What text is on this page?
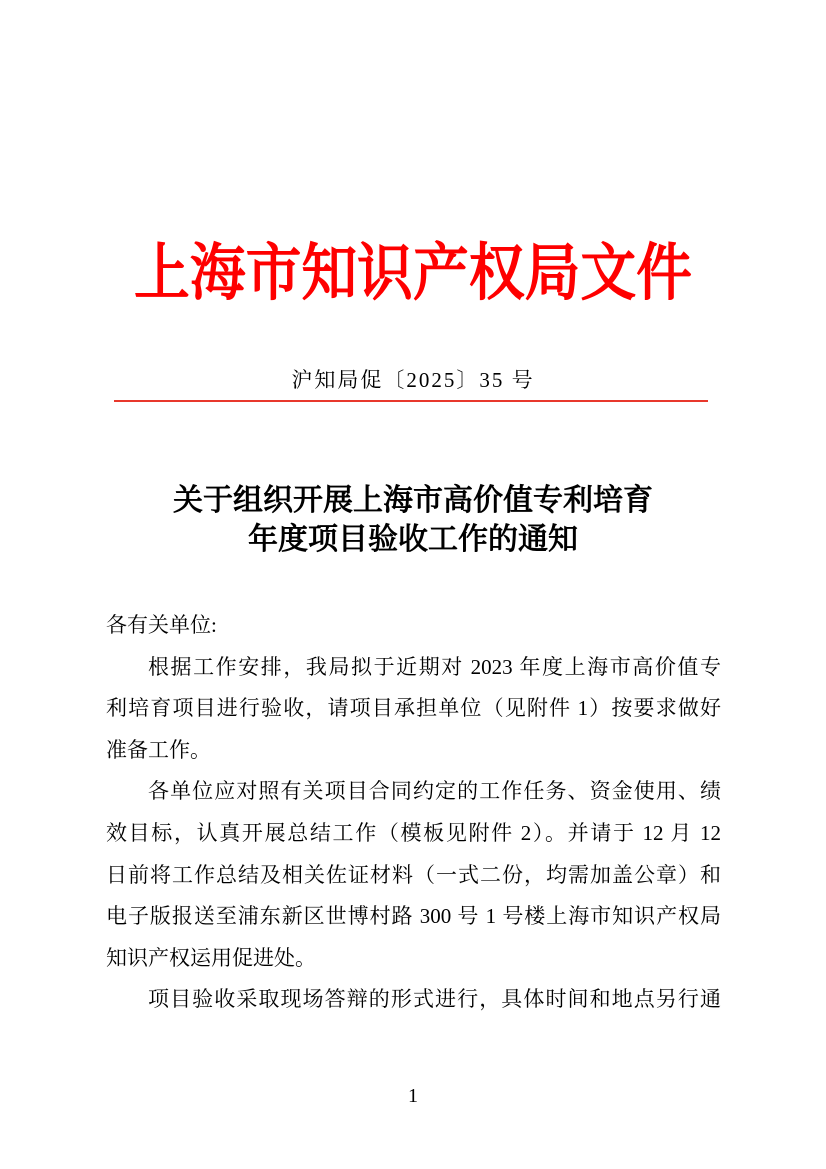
上海市知识产权局文件
沪知局促〔2025〕35 号
关于组织开展上海市高价值专利培育
年度项目验收工作的通知
各有关单位:
根据工作安排，我局拟于近期对 2023 年度上海市高价值专
利培育项目进行验收，请项目承担单位（见附件 1）按要求做好
准备工作。
各单位应对照有关项目合同约定的工作任务、资金使用、绩
效目标，认真开展总结工作（模板见附件 2）。并请于 12 月 12
日前将工作总结及相关佐证材料（一式二份，均需加盖公章）和
电子版报送至浦东新区世博村路 300 号 1 号楼上海市知识产权局
知识产权运用促进处。
项目验收采取现场答辩的形式进行，具体时间和地点另行通
1
